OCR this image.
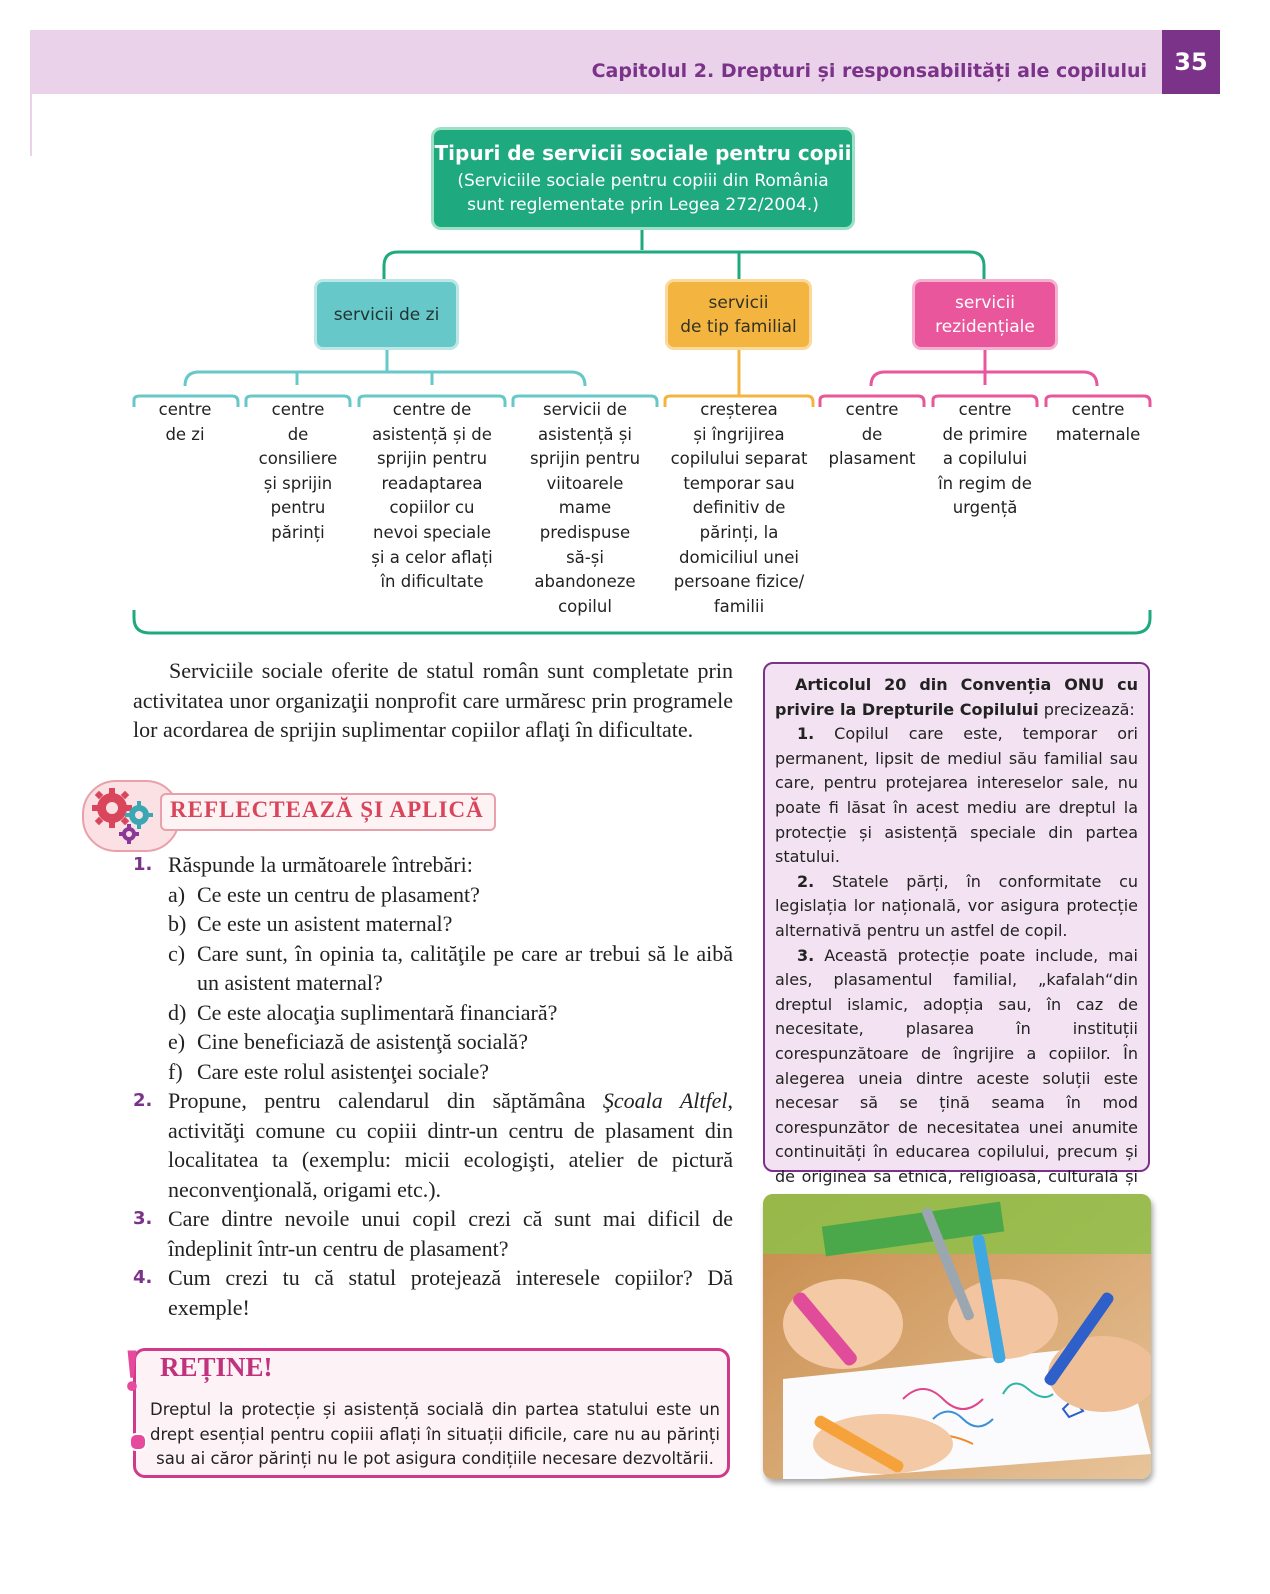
Capitolul 2. Drepturi și responsabilități ale copilului	35
Tipuri de servicii sociale pentru copii
(Serviciile sociale pentru copiii din România
sunt reglementate prin Legea 272/2004.)
servicii de zi
servicii
de tip familial
servicii
rezidențiale
centre
de zi
centre
de
consiliere
și sprijin
pentru
părinți
centre de
asistență și de
sprijin pentru
readaptarea
copiilor cu
nevoi speciale
și a celor aflați
în dificultate
servicii de
asistență și
sprijin pentru
viitoarele
mame
predispuse
să-și
abandoneze
copilul
creșterea
și îngrijirea
copilului separat
temporar sau
definitiv de
părinți, la
domiciliul unei
persoane fizice/
familii
centre
de
plasament
centre
de primire
a copilului
în regim de
urgență
centre
maternale
Serviciile sociale oferite de statul român sunt completate prin activitatea unor organizaţii nonprofit care urmăresc prin programele lor acordarea de sprijin suplimentar copiilor aflaţi în dificultate.
REFLECTEAZĂ ȘI APLICĂ
1. Răspunde la următoarele întrebări:
a) Ce este un centru de plasament?
b) Ce este un asistent maternal?
c) Care sunt, în opinia ta, calităţile pe care ar trebui să le aibă un asistent maternal?
d) Ce este alocaţia suplimentară financiară?
e) Cine beneficiază de asistenţă socială?
f) Care este rolul asistenţei sociale?
2. Propune, pentru calendarul din săptămâna Şcoala Altfel, activităţi comune cu copiii dintr-un centru de plasament din localitatea ta (exemplu: micii ecologişti, atelier de pictură neconvenţională, origami etc.).
3. Care dintre nevoile unui copil crezi că sunt mai dificil de îndeplinit într-un centru de plasament?
4. Cum crezi tu că statul protejează interesele copiilor? Dă exemple!
! REȚINE!
Dreptul la protecție și asistență socială din partea statului este un drept esențial pentru copiii aflați în situații dificile, care nu au părinți sau ai căror părinți nu le pot asigura condițiile necesare dezvoltării.

Articolul 20 din Convenția ONU cu privire la Drepturile Copilului precizează:

1. Copilul care este, temporar ori permanent, lipsit de mediul său familial sau care, pentru protejarea intereselor sale, nu poate fi lăsat în acest mediu are dreptul la protecție și asistență speciale din partea statului.

2. Statele părți, în conformitate cu legislația lor națională, vor asigura protecție alternativă pentru un astfel de copil.

3. Această protecție poate include, mai ales, plasamentul familial, „kafalah“din dreptul islamic, adopția sau, în caz de necesitate, plasarea în instituții corespunzătoare de îngrijire a copiilor. În alegerea uneia dintre aceste soluții este necesar să se țină seama în mod corespunzător de necesitatea unei anumite continuități în educarea copilului, precum și de originea sa etnică, religioasă, culturală și
